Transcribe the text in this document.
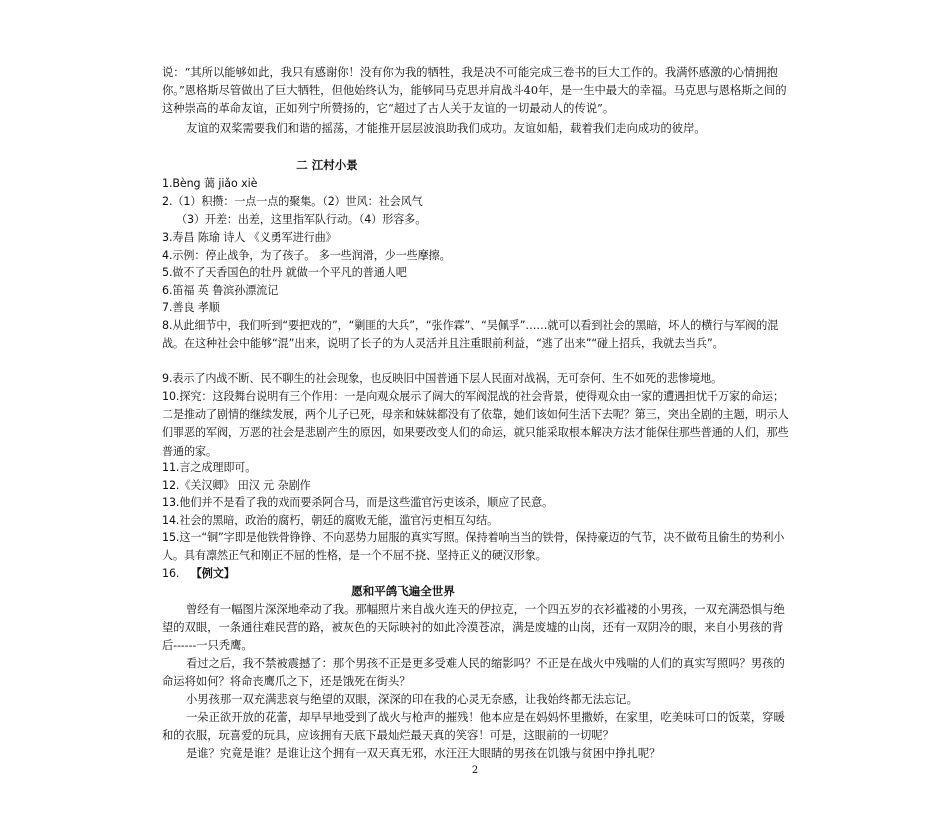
说：“其所以能够如此，我只有感谢你！没有你为我的牺牲，我是决不可能完成三卷书的巨大工作的。我满怀感激的心情拥抱你。”恩格斯尽管做出了巨大牺牲，但他始终认为，能够同马克思并肩战斗40年，是一生中最大的幸福。马克思与恩格斯之间的这种崇高的革命友谊，正如列宁所赞扬的，它“超过了古人关于友谊的一切最动人的传说”。

友谊的双桨需要我们和谐的摇荡，才能推开层层波浪助我们成功。友谊如船，载着我们走向成功的彼岸。

二 江村小景

1.Bèng 蔼 jiǎo xiè

2.（1）积攒：一点一点的聚集。（2）世风：社会风气

（3）开差：出差，这里指军队行动。（4）形容多。

3.寿昌 陈瑜 诗人 《义勇军进行曲》

4.示例：停止战争，为了孩子。 多一些润滑，少一些摩擦。

5.做不了天香国色的牡丹 就做一个平凡的普通人吧

6.笛福 英 鲁滨孙漂流记

7.善良 孝顺

8.从此细节中，我们听到“要把戏的”，“剿匪的大兵”，“张作霖”、“吴佩孚”……就可以看到社会的黑暗，坏人的横行与军阀的混战。在这种社会中能够“混”出来，说明了长子的为人灵活并且注重眼前利益，“逃了出来”“碰上招兵，我就去当兵”。

9.表示了内战不断、民不聊生的社会现象，也反映旧中国普通下层人民面对战祸，无可奈何、生不如死的悲惨境地。

10.探究：这段舞台说明有三个作用：一是向观众展示了阔大的军阀混战的社会背景，使得观众由一家的遭遇担忧千万家的命运；二是推动了剧情的继续发展，两个儿子已死，母亲和妹妹都没有了依靠，她们该如何生活下去呢？第三，突出全剧的主题，明示人们罪恶的军阀，万恶的社会是悲剧产生的原因，如果要改变人们的命运，就只能采取根本解决方法才能保住那些普通的人们，那些普通的家。

11.言之成理即可。

12.《关汉卿》 田汉 元 杂剧作

13.他们并不是看了我的戏而要杀阿合马，而是这些滥官污吏该杀，顺应了民意。

14.社会的黑暗，政治的腐朽，朝廷的腐败无能，滥官污吏相互勾结。

15.这一“铜”字即是他铁骨铮铮、不向恶势力屈服的真实写照。保持着响当当的铁骨，保持豪迈的气节，决不做苟且偷生的势利小人。具有凛然正气和刚正不屈的性格，是一个不屈不挠、坚持正义的硬汉形象。

16. 【例文】

愿和平鸽飞遍全世界

曾经有一幅图片深深地牵动了我。那幅照片来自战火连天的伊拉克，一个四五岁的衣衫褴褛的小男孩，一双充满恐惧与绝望的双眼，一条通往难民营的路，被灰色的天际映衬的如此冷漠苍凉，满是废墟的山岗，还有一双阴冷的眼，来自小男孩的背后------一只秃鹰。

看过之后，我不禁被震撼了：那个男孩不正是更多受难人民的缩影吗？不正是在战火中残喘的人们的真实写照吗？男孩的命运将如何？将命丧鹰爪之下，还是饿死在街头？

小男孩那一双充满悲哀与绝望的双眼，深深的印在我的心灵无奈感，让我始终都无法忘记。

一朵正欲开放的花蕾，却早早地受到了战火与枪声的摧残！他本应是在妈妈怀里撒娇，在家里，吃美味可口的饭菜，穿暖和的衣服，玩喜爱的玩具，应该拥有天底下最灿烂最天真的笑容！可是，这眼前的一切呢？

是谁？究竟是谁？是谁让这个拥有一双天真无邪，水汪汪大眼睛的男孩在饥饿与贫困中挣扎呢？

2
